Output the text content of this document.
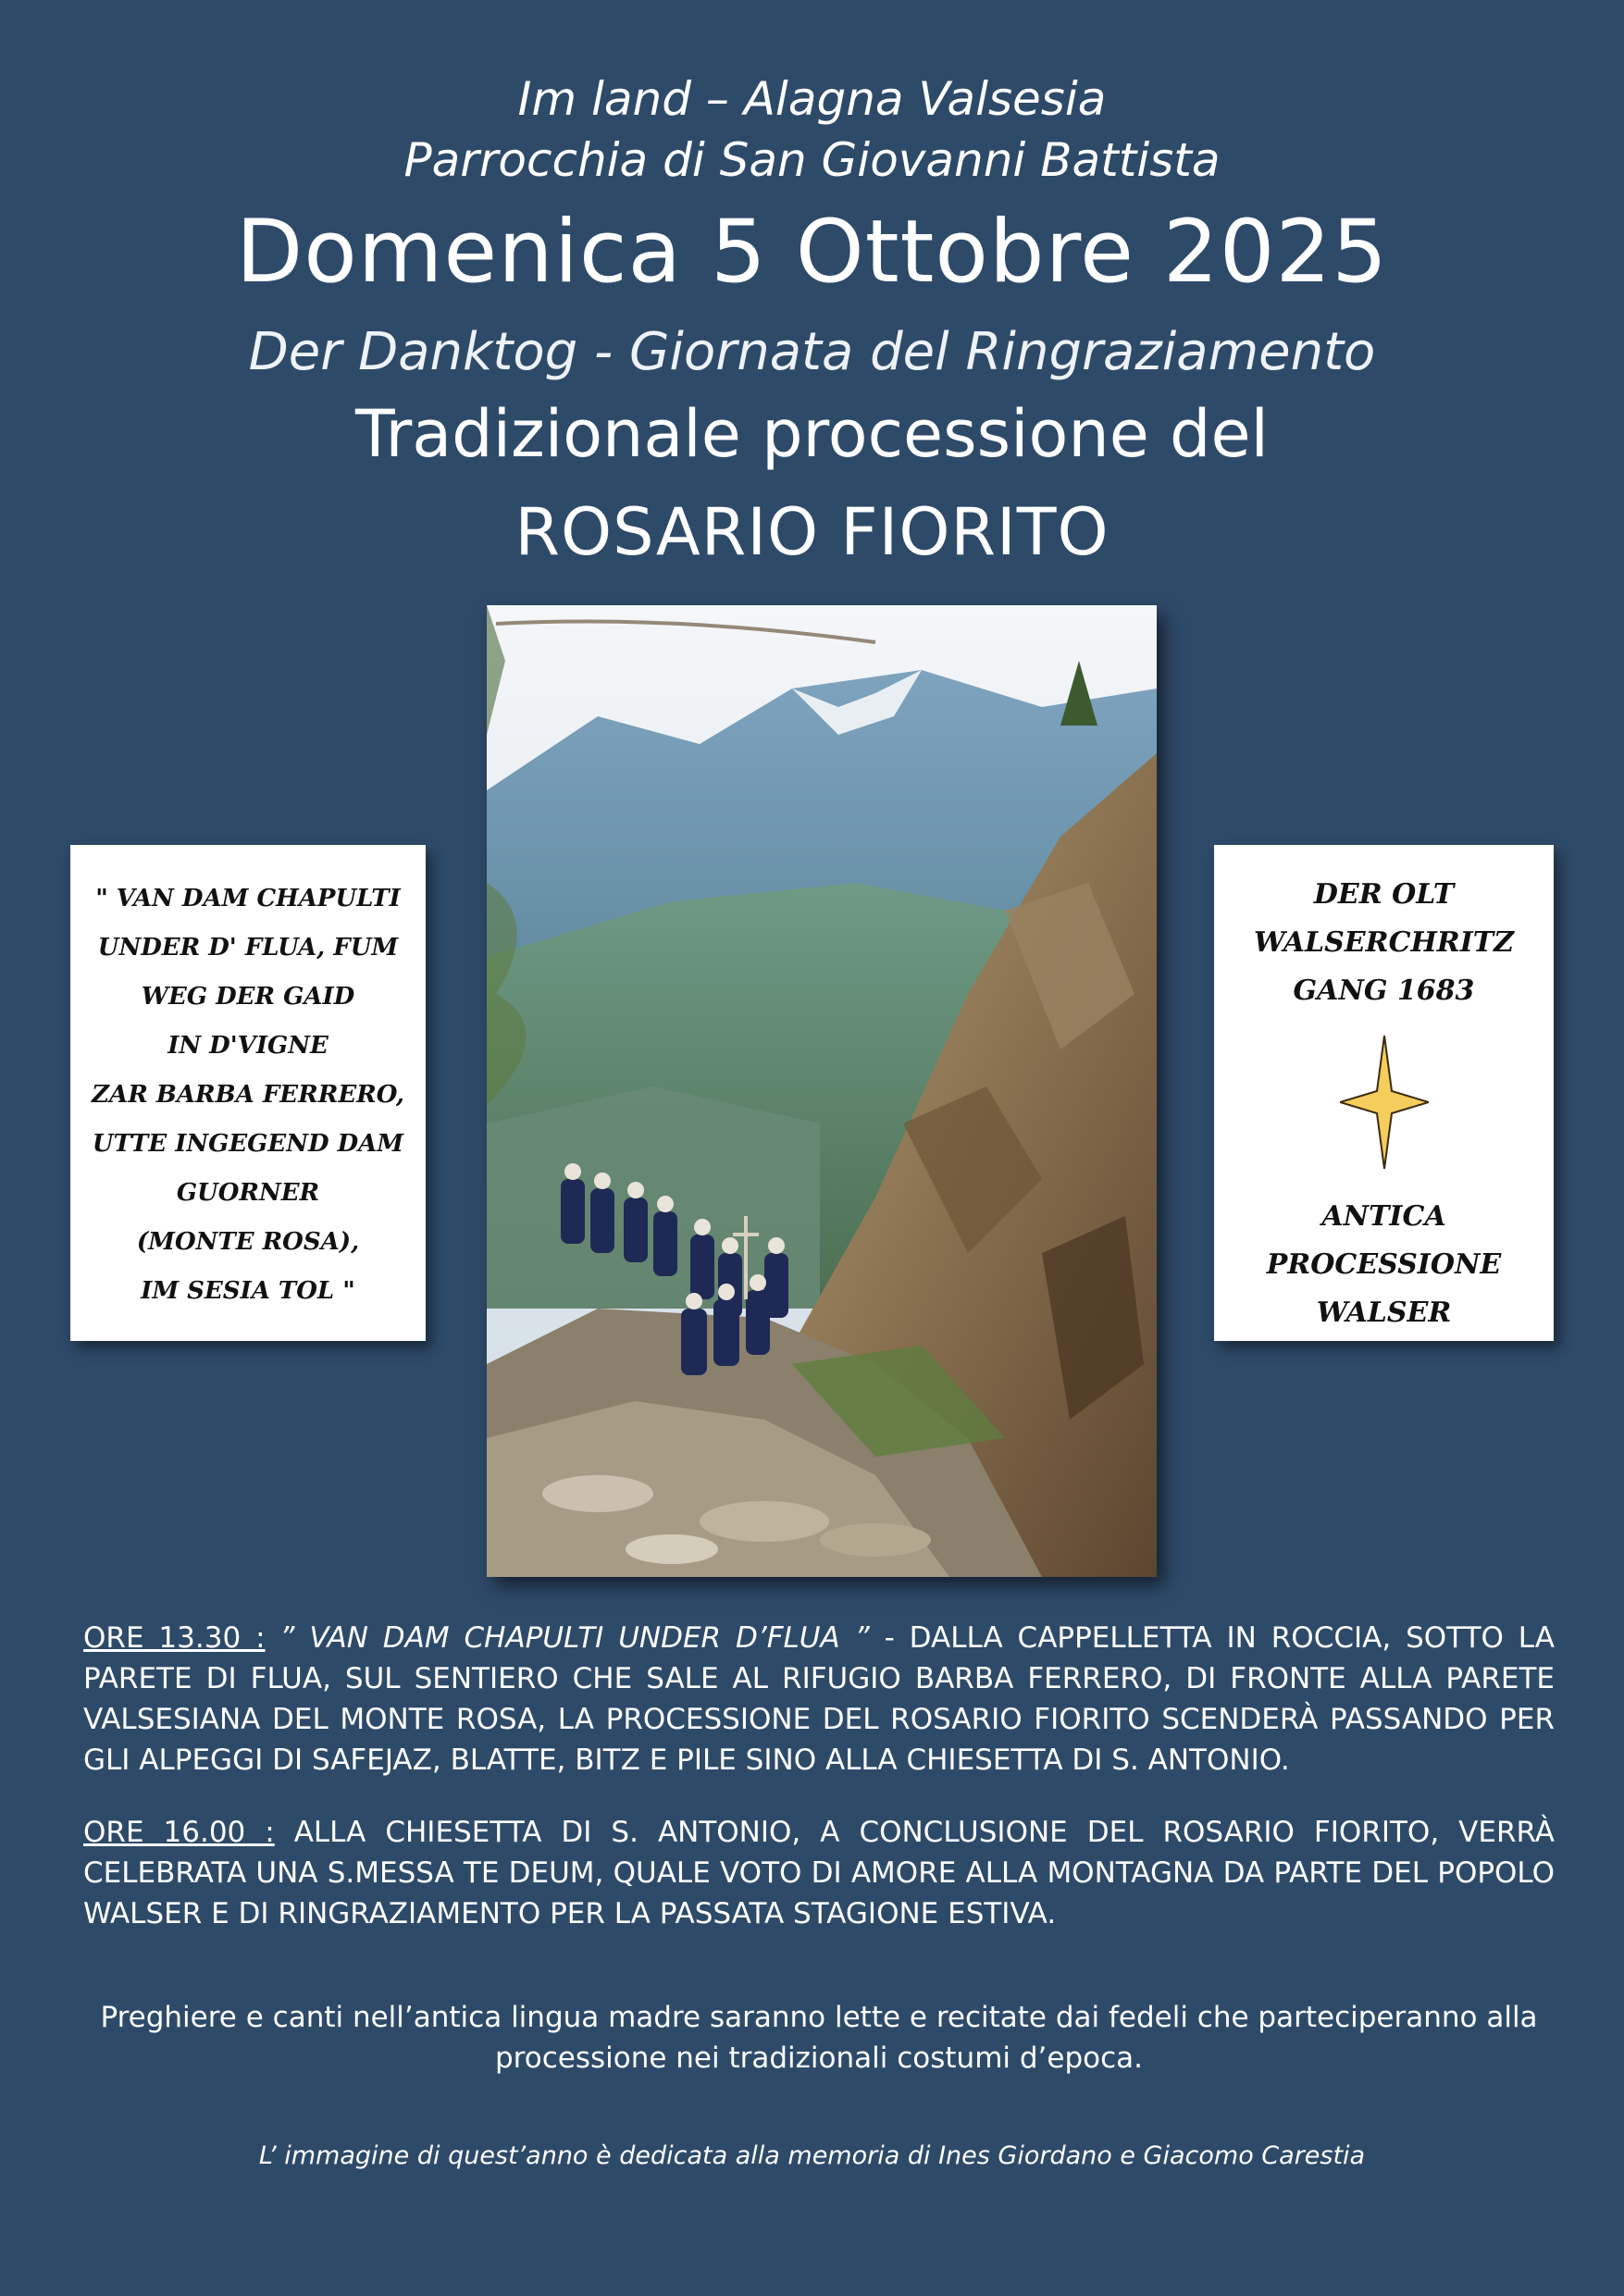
Im land – Alagna Valsesia
Parrocchia di San Giovanni Battista
Domenica 5 Ottobre 2025
Der Danktog - Giornata del Ringraziamento
Tradizionale processione del
ROSARIO FIORITO
" VAN DAM CHAPULTI
UNDER D' FLUA, FUM
WEG DER GAID
IN D'VIGNE
ZAR BARBA FERRERO,
UTTE INGEGEND DAM
GUORNER
(MONTE ROSA),
IM SESIA TOL "
DER OLT
WALSERCHRITZ
GANG 1683
ANTICA
PROCESSIONE
WALSER
ORE 13.30 : ” VAN DAM CHAPULTI UNDER D’FLUA ” - DALLA CAPPELLETTA IN ROCCIA, SOTTO LA PARETE DI FLUA, SUL SENTIERO CHE SALE AL RIFUGIO BARBA FERRERO, DI FRONTE ALLA PARETE VALSESIANA DEL MONTE ROSA, LA PROCESSIONE DEL ROSARIO FIORITO SCENDERÀ PASSANDO PER GLI ALPEGGI DI SAFEJAZ, BLATTE, BITZ E PILE SINO ALLA CHIESETTA DI S. ANTONIO.
ORE 16.00 : ALLA CHIESETTA DI S. ANTONIO, A CONCLUSIONE DEL ROSARIO FIORITO, VERRÀ CELEBRATA UNA S.MESSA TE DEUM, QUALE VOTO DI AMORE ALLA MONTAGNA DA PARTE DEL POPOLO WALSER E DI RINGRAZIAMENTO PER LA PASSATA STAGIONE ESTIVA.
Preghiere e canti nell’antica lingua madre saranno lette e recitate dai fedeli che parteciperanno alla processione nei tradizionali costumi d’epoca.
L’ immagine di quest’anno è dedicata alla memoria di Ines Giordano e Giacomo Carestia
